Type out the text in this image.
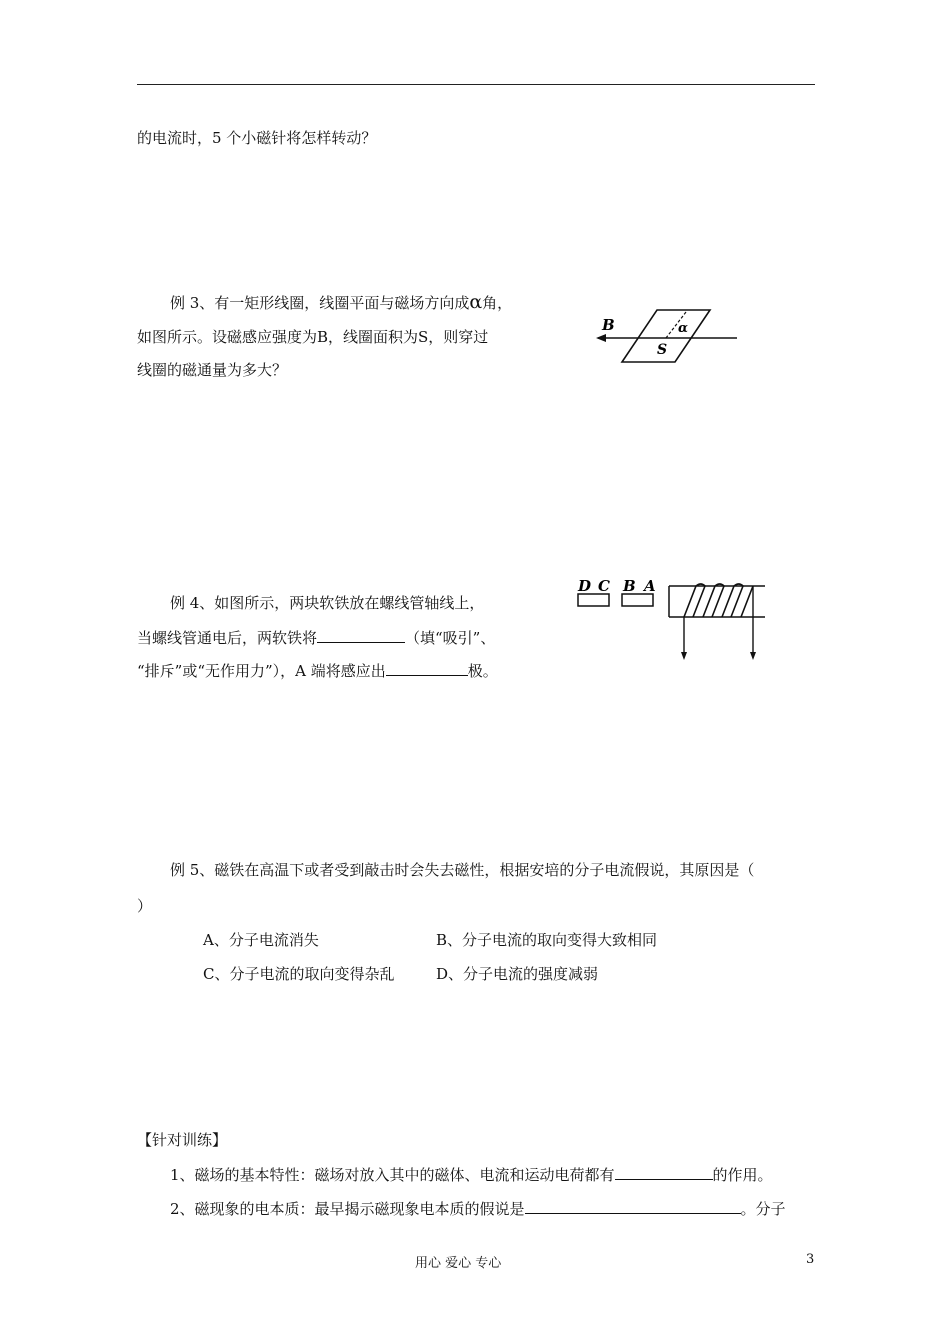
的电流时，5 个小磁针将怎样转动？
例 3、有一矩形线圈，线圈平面与磁场方向成α角，
如图所示。设磁感应强度为B，线圈面积为S，则穿过
线圈的磁通量为多大？
B	α
S
例 4、如图所示，两块软铁放在螺线管轴线上，
当螺线管通电后，两软铁将	（填“吸引”、
“排斥”或“无作用力”），A 端将感应出	极。
D C B A
例 5、磁铁在高温下或者受到敲击时会失去磁性，根据安培的分子电流假说，其原因是（
）
A、分子电流消失	B、分子电流的取向变得大致相同
C、分子电流的取向变得杂乱	D、分子电流的强度减弱
【针对训练】
1、磁场的基本特性：磁场对放入其中的磁体、电流和运动电荷都有	的作用。
2、磁现象的电本质：最早揭示磁现象电本质的假说是	。分子
用心 爱心 专心	3
